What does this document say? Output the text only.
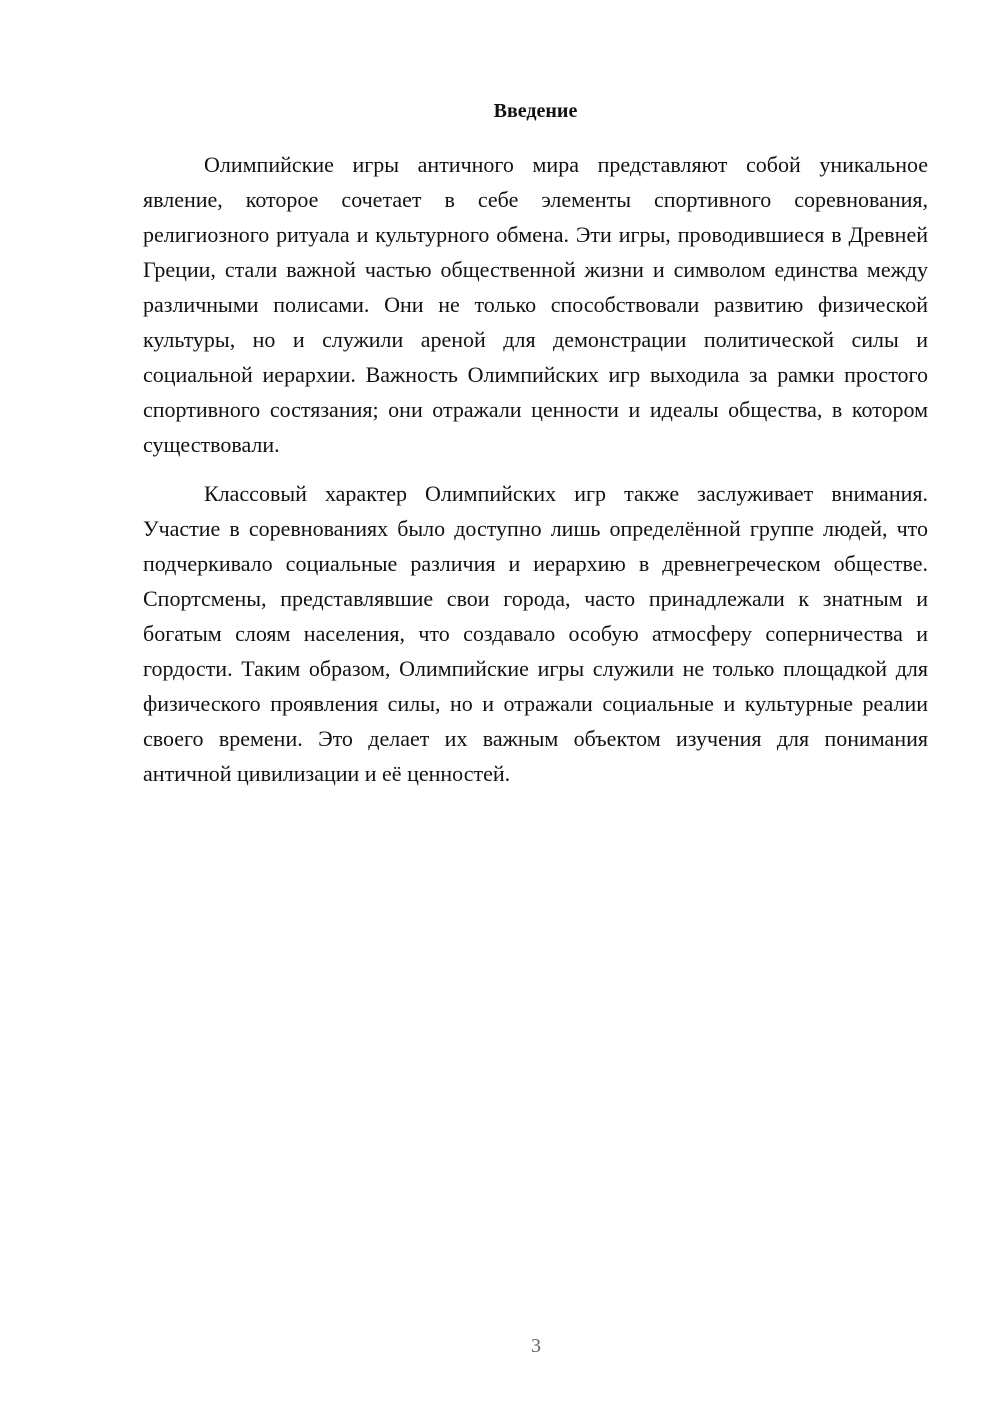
Введение

Олимпийские игры античного мира представляют собой уникальное явление, которое сочетает в себе элементы спортивного соревнования, религиозного ритуала и культурного обмена. Эти игры, проводившиеся в Древней Греции, стали важной частью общественной жизни и символом единства между различными полисами. Они не только способствовали развитию физической культуры, но и служили ареной для демонстрации политической силы и социальной иерархии. Важность Олимпийских игр выходила за рамки простого спортивного состязания; они отражали ценности и идеалы общества, в котором существовали.

Классовый характер Олимпийских игр также заслуживает внимания. Участие в соревнованиях было доступно лишь определённой группе людей, что подчеркивало социальные различия и иерархию в древнегреческом обществе. Спортсмены, представлявшие свои города, часто принадлежали к знатным и богатым слоям населения, что создавало особую атмосферу соперничества и гордости. Таким образом, Олимпийские игры служили не только площадкой для физического проявления силы, но и отражали социальные и культурные реалии своего времени. Это делает их важным объектом изучения для понимания античной цивилизации и её ценностей.

3
